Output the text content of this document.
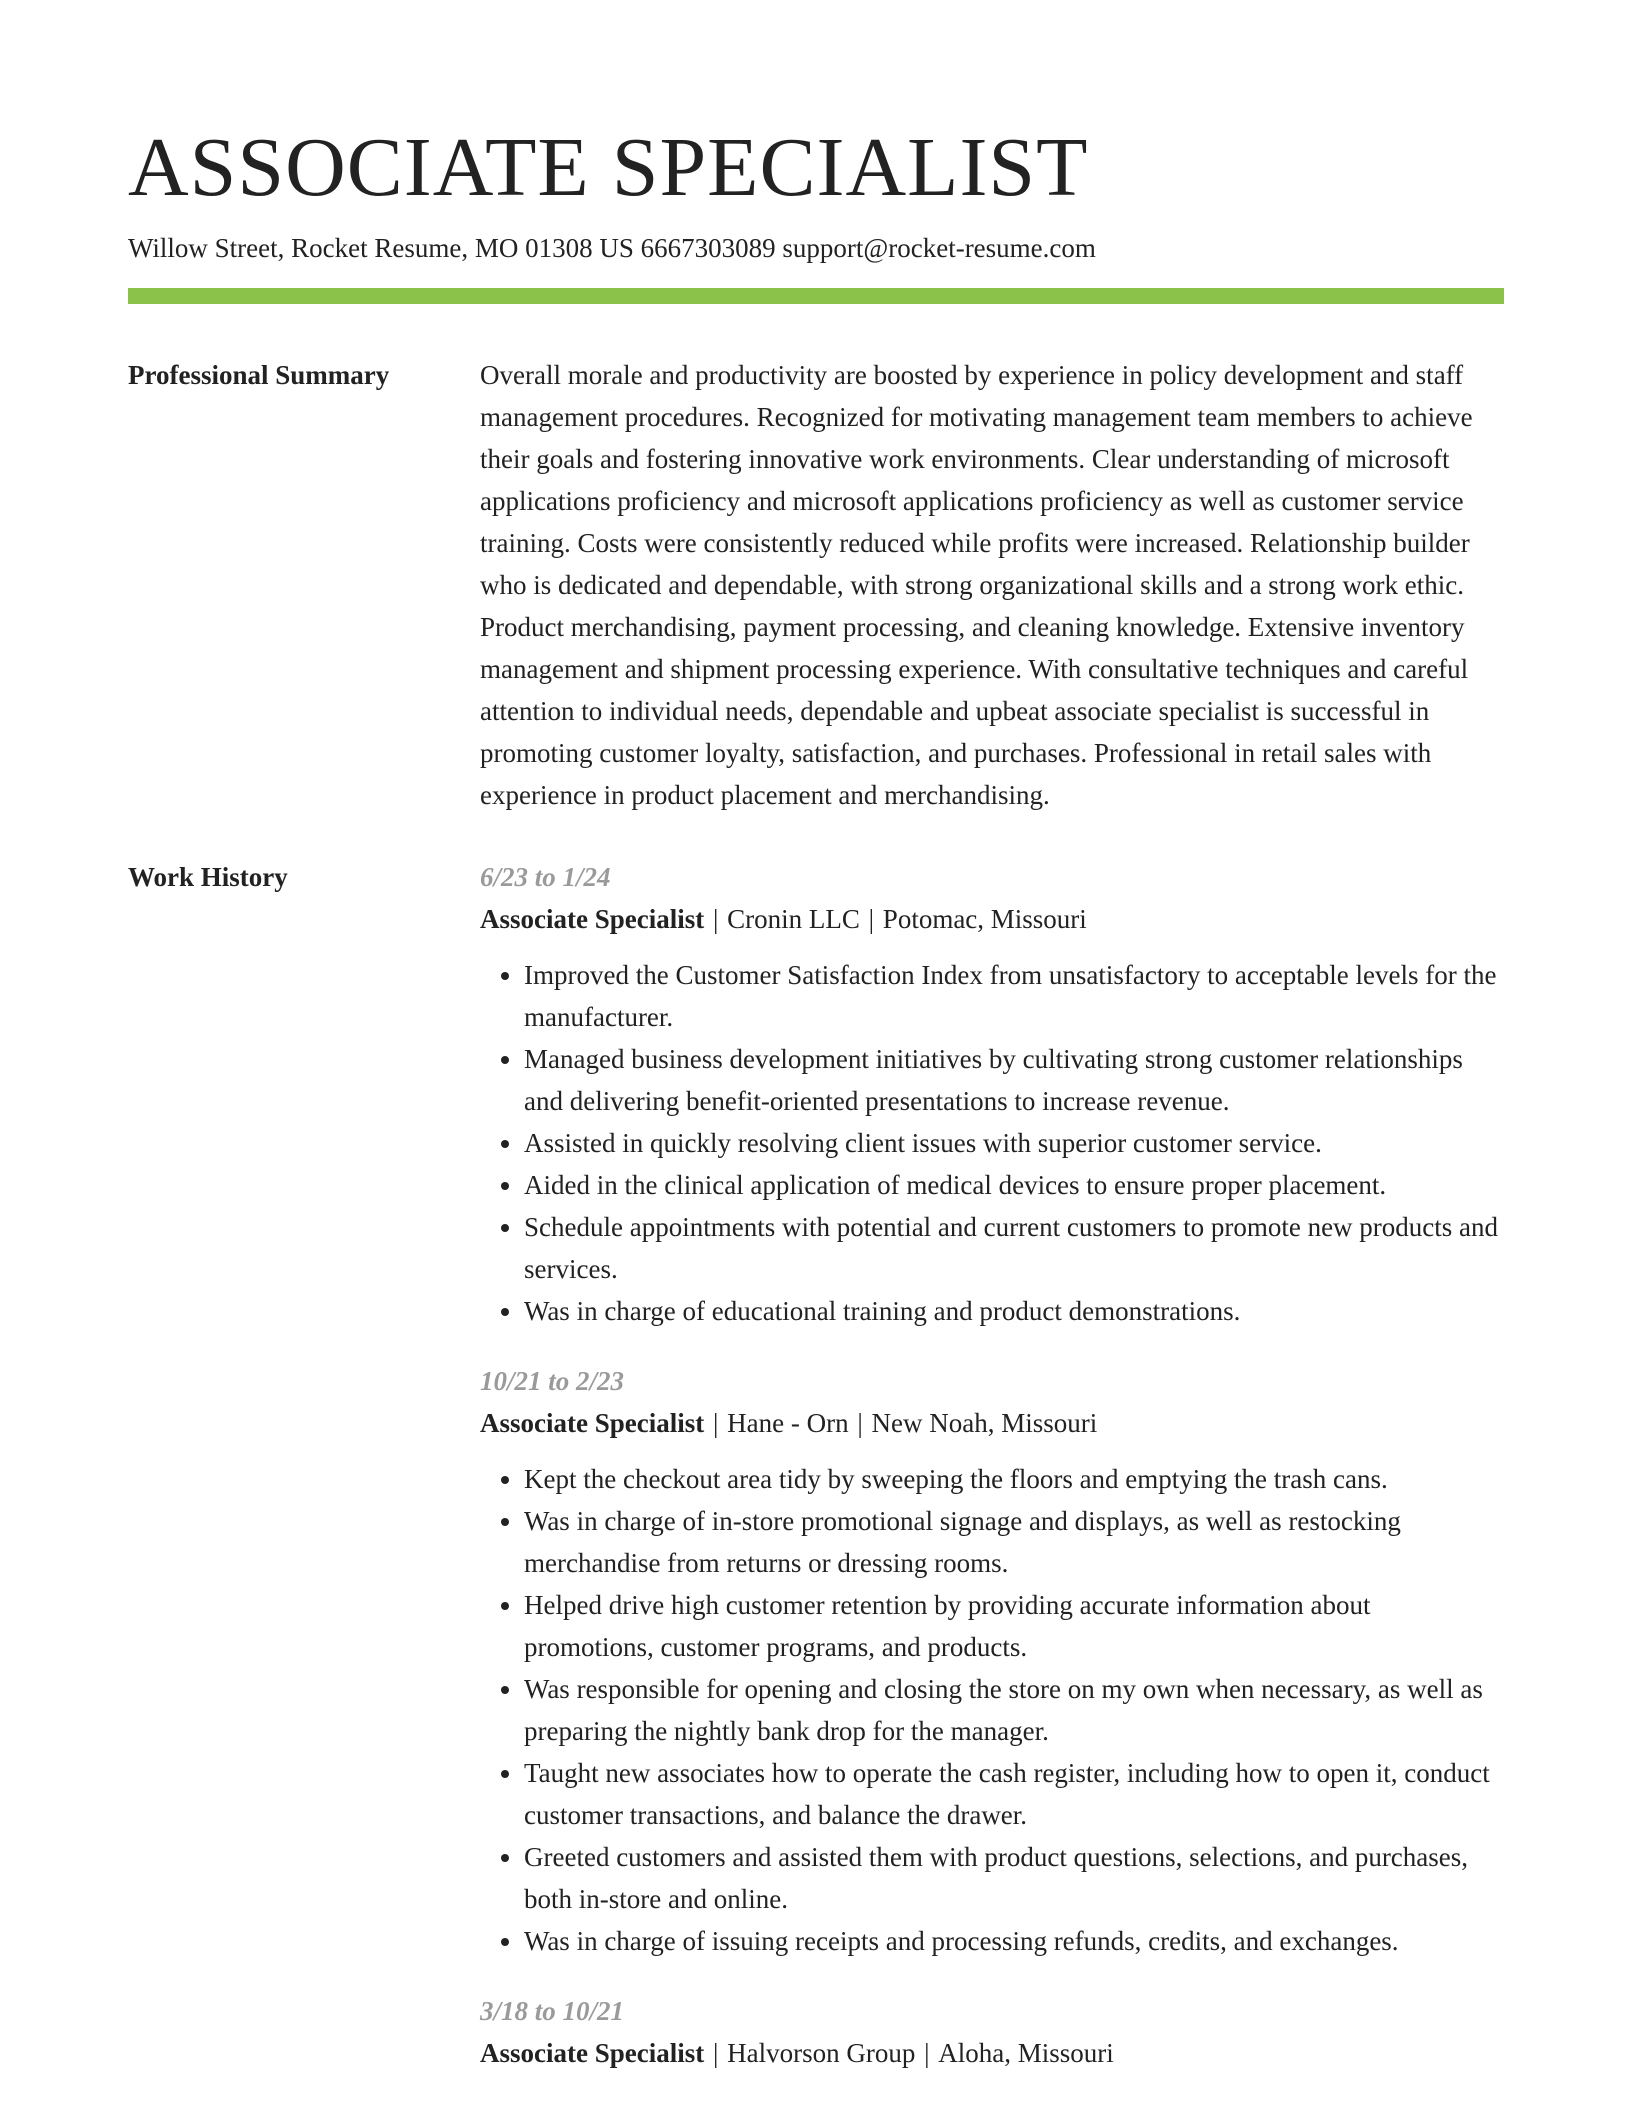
ASSOCIATE SPECIALIST
Willow Street, Rocket Resume, MO 01308 US 6667303089 support@rocket-resume.com
Professional Summary	Overall morale and productivity are boosted by experience in policy development and staff management procedures. Recognized for motivating management team members to achieve their goals and fostering innovative work environments. Clear understanding of microsoft applications proficiency and microsoft applications proficiency as well as customer service training. Costs were consistently reduced while profits were increased. Relationship builder who is dedicated and dependable, with strong organizational skills and a strong work ethic. Product merchandising, payment processing, and cleaning knowledge. Extensive inventory management and shipment processing experience. With consultative techniques and careful attention to individual needs, dependable and upbeat associate specialist is successful in promoting customer loyalty, satisfaction, and purchases. Professional in retail sales with experience in product placement and merchandising.

Work History	6/23 to 1/24
Associate Specialist | Cronin LLC | Potomac, Missouri
• Improved the Customer Satisfaction Index from unsatisfactory to acceptable levels for the manufacturer.
• Managed business development initiatives by cultivating strong customer relationships and delivering benefit-oriented presentations to increase revenue.
• Assisted in quickly resolving client issues with superior customer service.
• Aided in the clinical application of medical devices to ensure proper placement.
• Schedule appointments with potential and current customers to promote new products and services.
• Was in charge of educational training and product demonstrations.
10/21 to 2/23
Associate Specialist | Hane - Orn | New Noah, Missouri
• Kept the checkout area tidy by sweeping the floors and emptying the trash cans.
• Was in charge of in-store promotional signage and displays, as well as restocking merchandise from returns or dressing rooms.
• Helped drive high customer retention by providing accurate information about promotions, customer programs, and products.
• Was responsible for opening and closing the store on my own when necessary, as well as preparing the nightly bank drop for the manager.
• Taught new associates how to operate the cash register, including how to open it, conduct customer transactions, and balance the drawer.
• Greeted customers and assisted them with product questions, selections, and purchases, both in-store and online.
• Was in charge of issuing receipts and processing refunds, credits, and exchanges.
3/18 to 10/21
Associate Specialist | Halvorson Group | Aloha, Missouri
